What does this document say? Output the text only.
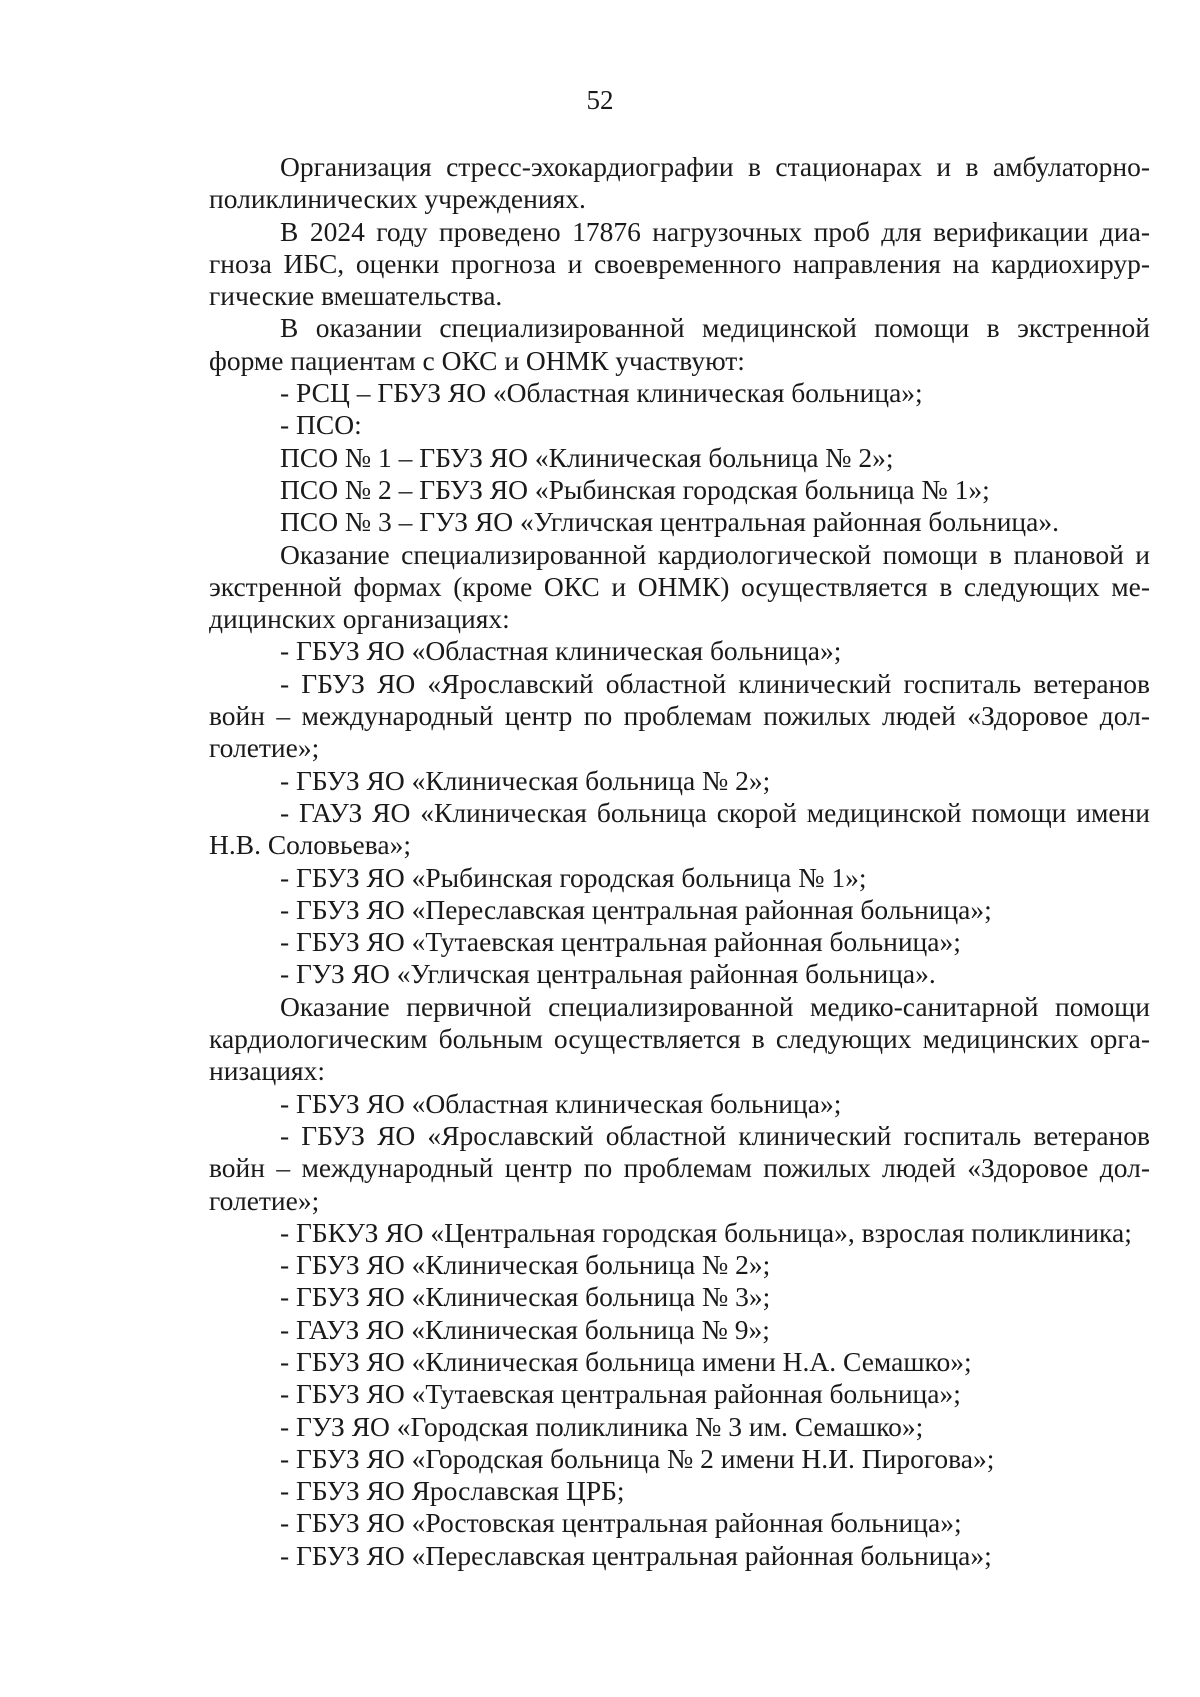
52
Организация стресс-эхокардиографии в стационарах и в амбулаторно-
поликлинических учреждениях.
В 2024 году проведено 17876 нагрузочных проб для верификации диа-
гноза ИБС, оценки прогноза и своевременного направления на кардиохирур-
гические вмешательства.
В оказании специализированной медицинской помощи в экстренной
форме пациентам с ОКС и ОНМК участвуют:
- РСЦ – ГБУЗ ЯО «Областная клиническая больница»;
- ПСО:
ПСО № 1 – ГБУЗ ЯО «Клиническая больница № 2»;
ПСО № 2 – ГБУЗ ЯО «Рыбинская городская больница № 1»;
ПСО № 3 – ГУЗ ЯО «Угличская центральная районная больница».
Оказание специализированной кардиологической помощи в плановой и
экстренной формах (кроме ОКС и ОНМК) осуществляется в следующих ме-
дицинских организациях:
- ГБУЗ ЯО «Областная клиническая больница»;
- ГБУЗ ЯО «Ярославский областной клинический госпиталь ветеранов
войн – международный центр по проблемам пожилых людей «Здоровое дол-
голетие»;
- ГБУЗ ЯО «Клиническая больница № 2»;
- ГАУЗ ЯО «Клиническая больница скорой медицинской помощи имени
Н.В. Соловьева»;
- ГБУЗ ЯО «Рыбинская городская больница № 1»;
- ГБУЗ ЯО «Переславская центральная районная больница»;
- ГБУЗ ЯО «Тутаевская центральная районная больница»;
- ГУЗ ЯО «Угличская центральная районная больница».
Оказание первичной специализированной медико-санитарной помощи
кардиологическим больным осуществляется в следующих медицинских орга-
низациях:
- ГБУЗ ЯО «Областная клиническая больница»;
- ГБУЗ ЯО «Ярославский областной клинический госпиталь ветеранов
войн – международный центр по проблемам пожилых людей «Здоровое дол-
голетие»;
- ГБКУЗ ЯО «Центральная городская больница», взрослая поликлиника;
- ГБУЗ ЯО «Клиническая больница № 2»;
- ГБУЗ ЯО «Клиническая больница № 3»;
- ГАУЗ ЯО «Клиническая больница № 9»;
- ГБУЗ ЯО «Клиническая больница имени Н.А. Семашко»;
- ГБУЗ ЯО «Тутаевская центральная районная больница»;
- ГУЗ ЯО «Городская поликлиника № 3 им. Семашко»;
- ГБУЗ ЯО «Городская больница № 2 имени Н.И. Пирогова»;
- ГБУЗ ЯО Ярославская ЦРБ;
- ГБУЗ ЯО «Ростовская центральная районная больница»;
- ГБУЗ ЯО «Переславская центральная районная больница»;
